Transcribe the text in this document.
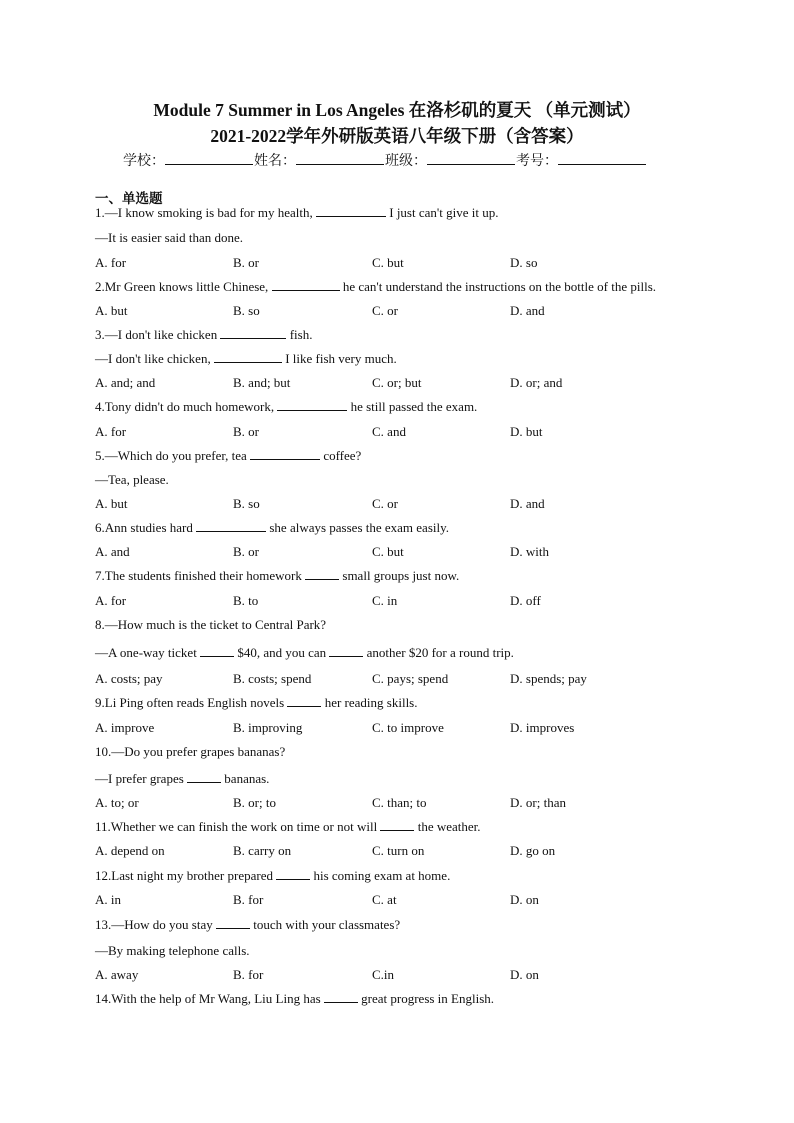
Module 7 Summer in Los Angeles 在洛杉矶的夏天 （单元测试）
2021-2022学年外研版英语八年级下册（含答案）
学校：	姓名：	班级：	考号：
一、单选题
1.—I know smoking is bad for my health,	I just can't give it up.
—It is easier said than done.
A. for	B. or	C. but	D. so
2.Mr Green knows little Chinese,	he can't understand the instructions on the bottle of the pills.
A. but	B. so	C. or	D. and
3.—I don't like chicken	fish.
—I don't like chicken,	I like fish very much.
A. and; and	B. and; but	C. or; but	D. or; and
4.Tony didn't do much homework,	he still passed the exam.
A. for	B. or	C. and	D. but
5.—Which do you prefer, tea	coffee?
—Tea, please.
A. but	B. so	C. or	D. and
6.Ann studies hard	she always passes the exam easily.
A. and	B. or	C. but	D. with
7.The students finished their homework	small groups just now.
A. for	B. to	C. in	D. off
8.—How much is the ticket to Central Park?
—A one-way ticket	$40, and you can	another $20 for a round trip.
A. costs; pay	B. costs; spend	C. pays; spend	D. spends; pay
9.Li Ping often reads English novels	her reading skills.
A. improve	B. improving	C. to improve	D. improves
10.—Do you prefer grapes bananas?
—I prefer grapes	bananas.
A. to; or	B. or; to	C. than; to	D. or; than
11.Whether we can finish the work on time or not will	the weather.
A. depend on	B. carry on	C. turn on	D. go on
12.Last night my brother prepared	his coming exam at home.
A. in	B. for	C. at	D. on
13.—How do you stay	touch with your classmates?
—By making telephone calls.
A. away	B. for	C.in	D. on
14.With the help of Mr Wang, Liu Ling has	great progress in English.
